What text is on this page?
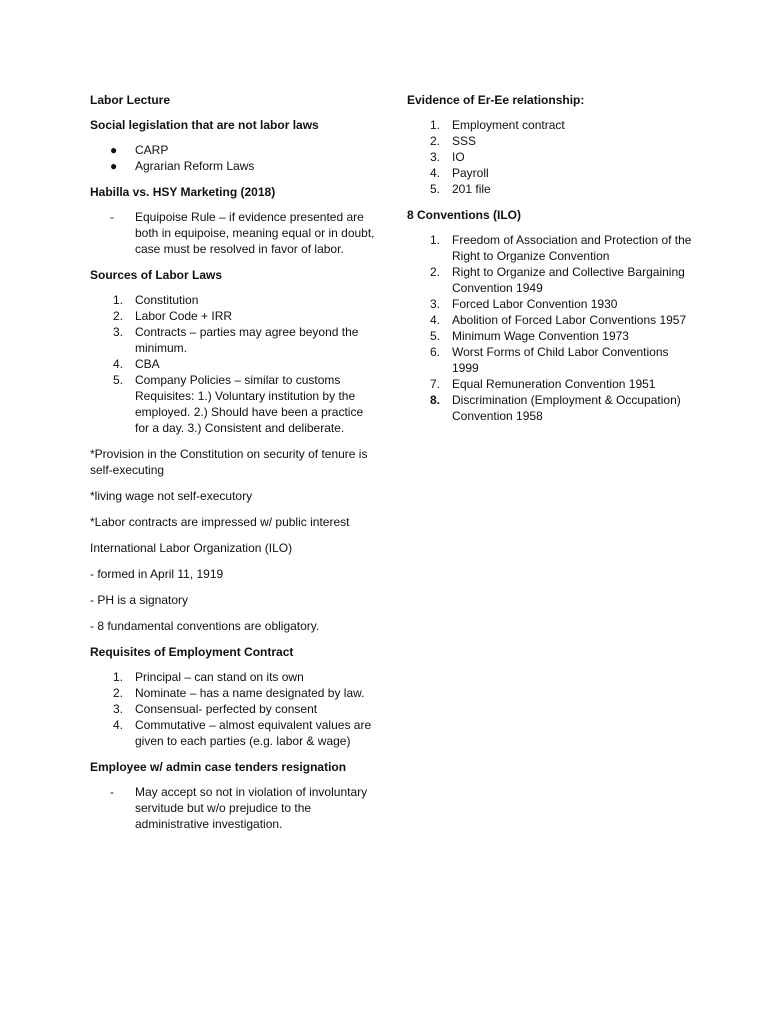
Labor Lecture
Social legislation that are not labor laws
●	CARP
●	Agrarian Reform Laws
Habilla vs. HSY Marketing (2018)
-	Equipoise Rule – if evidence presented are both in equipoise, meaning equal or in doubt, case must be resolved in favor of labor.
Sources of Labor Laws
1. Constitution
2. Labor Code + IRR
3. Contracts – parties may agree beyond the minimum.
4. CBA
5. Company Policies – similar to customs Requisites: 1.) Voluntary institution by the employed. 2.) Should have been a practice for a day. 3.) Consistent and deliberate.
*Provision in the Constitution on security of tenure is self-executing
*living wage not self-executory
*Labor contracts are impressed w/ public interest
International Labor Organization (ILO)
- formed in April 11, 1919
- PH is a signatory
- 8 fundamental conventions are obligatory.
Requisites of Employment Contract
1. Principal – can stand on its own
2. Nominate – has a name designated by law.
3. Consensual- perfected by consent
4. Commutative – almost equivalent values are given to each parties (e.g. labor & wage)
Employee w/ admin case tenders resignation
-	May accept so not in violation of involuntary servitude but w/o prejudice to the administrative investigation.
Evidence of Er-Ee relationship:
1. Employment contract
2. SSS
3. IO
4. Payroll
5. 201 file
8 Conventions (ILO)
1. Freedom of Association and Protection of the Right to Organize Convention
2. Right to Organize and Collective Bargaining Convention 1949
3. Forced Labor Convention 1930
4. Abolition of Forced Labor Conventions 1957
5. Minimum Wage Convention 1973
6. Worst Forms of Child Labor Conventions 1999
7. Equal Remuneration Convention 1951
8. Discrimination (Employment & Occupation) Convention 1958
